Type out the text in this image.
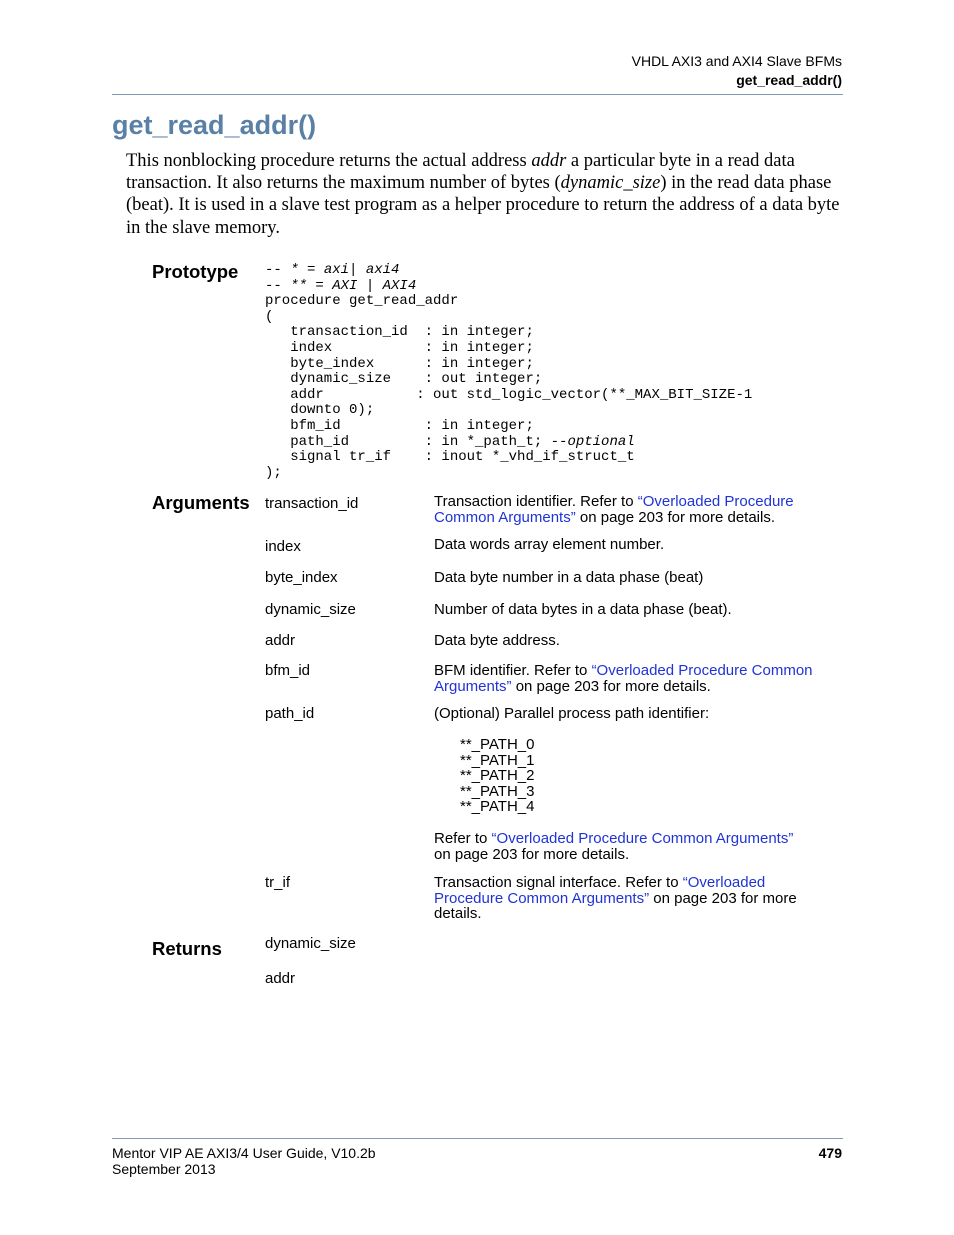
VHDL AXI3 and AXI4 Slave BFMs
get_read_addr()
get_read_addr()

This nonblocking procedure returns the actual address addr a particular byte in a read data transaction. It also returns the maximum number of bytes (dynamic_size) in the read data phase (beat). It is used in a slave test program as a helper procedure to return the address of a data byte in the slave memory.

Prototype
Arguments
Returns
-- * = axi| axi4
-- ** = AXI | AXI4
procedure get_read_addr
(
transaction_id  : in integer;
index           : in integer;
byte_index      : in integer;
dynamic_size    : out integer;
addr           : out std_logic_vector(**_MAX_BIT_SIZE-1
downto 0);
bfm_id          : in integer;
path_id         : in *_path_t; --optional
signal tr_if    : inout *_vhd_if_struct_t
);
transaction_id	Transaction identifier. Refer to “Overloaded Procedure Common Arguments” on page 203 for more details.
index	Data words array element number.
byte_index	Data byte number in a data phase (beat)
dynamic_size	Number of data bytes in a data phase (beat).
addr	Data byte address.
bfm_id	BFM identifier. Refer to “Overloaded Procedure Common Arguments” on page 203 for more details.
path_id	(Optional) Parallel process path identifier:
**_PATH_0
**_PATH_1
**_PATH_2
**_PATH_3
**_PATH_4
Refer to “Overloaded Procedure Common Arguments”
on page 203 for more details.
tr_if	Transaction signal interface. Refer to “Overloaded Procedure Common Arguments” on page 203 for more details.
dynamic_size
addr
Mentor VIP AE AXI3/4 User Guide, V10.2b
September 2013
479
